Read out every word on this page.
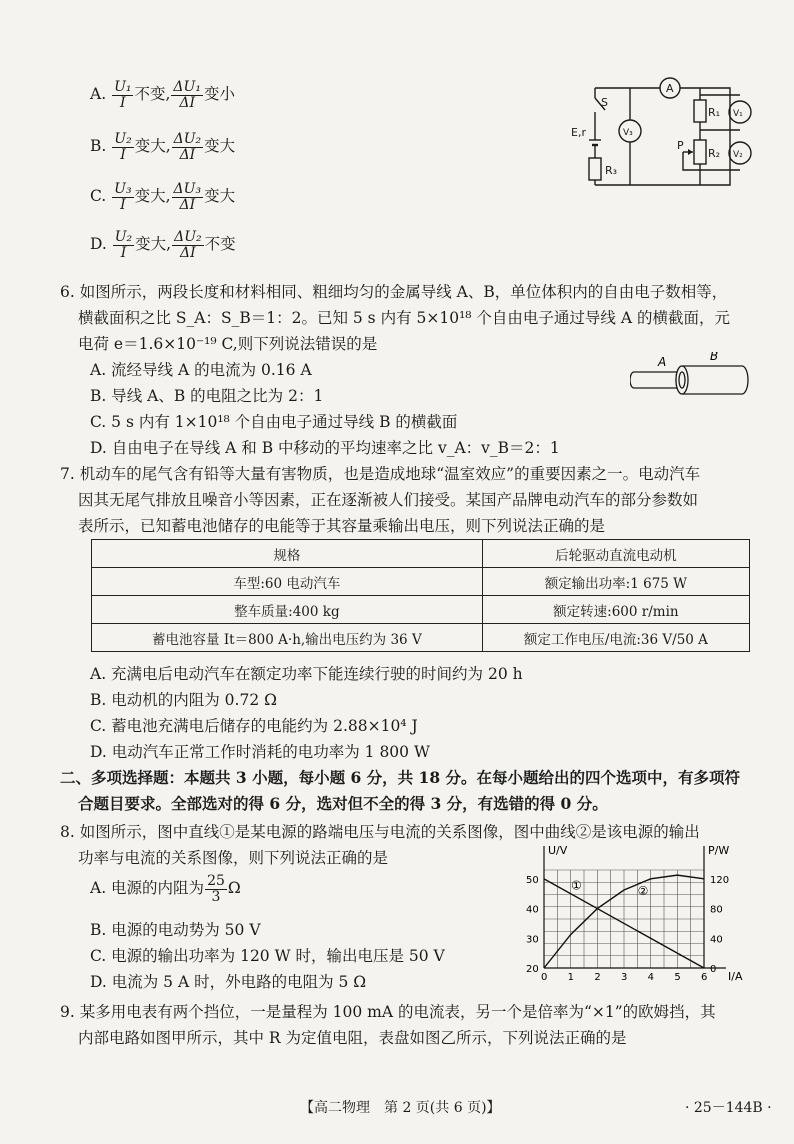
A. $\frac{\text{U₁}}{I}$ 不变, $\frac{\text{ΔU₁}}{\Delta I}$ 变小
B. $\frac{\text{U₂}}{I}$ 变大, $\frac{\text{ΔU₂}}{\Delta I}$ 变大
C. $\frac{\text{U₃}}{I}$ 变大, $\frac{\text{ΔU₃}}{\Delta I}$ 变大
D. $\frac{\text{U₂}}{I}$ 变大, $\frac{\text{ΔU₂}}{\Delta I}$ 不变
S
E,r
R₃
R₁
R₂
P
A
V₁
V₂
V₃
6. 如图所示，两段长度和材料相同、粗细均匀的金属导线 A、B，单位体积内的自由电子数相等，
横截面积之比 S_A：S_B＝1：2。已知 5 s 内有 5×10¹⁸ 个自由电子通过导线 A 的横截面，元
电荷 e＝1.6×10⁻¹⁹ C,则下列说法错误的是
A. 流经导线 A 的电流为 0.16 A
B. 导线 A、B 的电阻之比为 2：1
C. 5 s 内有 1×10¹⁸ 个自由电子通过导线 B 的横截面
D. 自由电子在导线 A 和 B 中移动的平均速率之比 v_A：v_B＝2：1
A	B
7. 机动车的尾气含有铅等大量有害物质，也是造成地球“温室效应”的重要因素之一。电动汽车
因其无尾气排放且噪音小等因素，正在逐渐被人们接受。某国产品牌电动汽车的部分参数如
表所示，已知蓄电池储存的电能等于其容量乘输出电压，则下列说法正确的是
规格	后轮驱动直流电动机
车型:60 电动汽车	额定输出功率:1 675 W
整车质量:400 kg	额定转速:600 r/min
蓄电池容量 It＝800 A·h,输出电压约为 36 V	额定工作电压/电流:36 V/50 A
A. 充满电后电动汽车在额定功率下能连续行驶的时间约为 20 h
B. 电动机的内阻为 0.72 Ω
C. 蓄电池充满电后储存的电能约为 2.88×10⁴ J
D. 电动汽车正常工作时消耗的电功率为 1 800 W
二、多项选择题：本题共 3 小题，每小题 6 分，共 18 分。在每小题给出的四个选项中，有多项符
合题目要求。全部选对的得 6 分，选对但不全的得 3 分，有选错的得 0 分。
8. 如图所示，图中直线①是某电源的路端电压与电流的关系图像，图中曲线②是该电源的输出
功率与电流的关系图像，则下列说法正确的是
A. 电源的内阻为 $\frac{25}{3}$ Ω
B. 电源的电动势为 50 V
C. 电源的输出功率为 120 W 时，输出电压是 50 V
D. 电流为 5 A 时，外电路的电阻为 5 Ω
U/V	P/W
I/A
0 1 2 3 4 5 6
20
30
40
50
0
40
80
120
①	②
9. 某多用电表有两个挡位，一是量程为 100 mA 的电流表，另一个是倍率为“×1”的欧姆挡，其
内部电路如图甲所示，其中 R 为定值电阻，表盘如图乙所示，下列说法正确的是
【高二物理　第 2 页(共 6 页)】	· 25－144B ·
